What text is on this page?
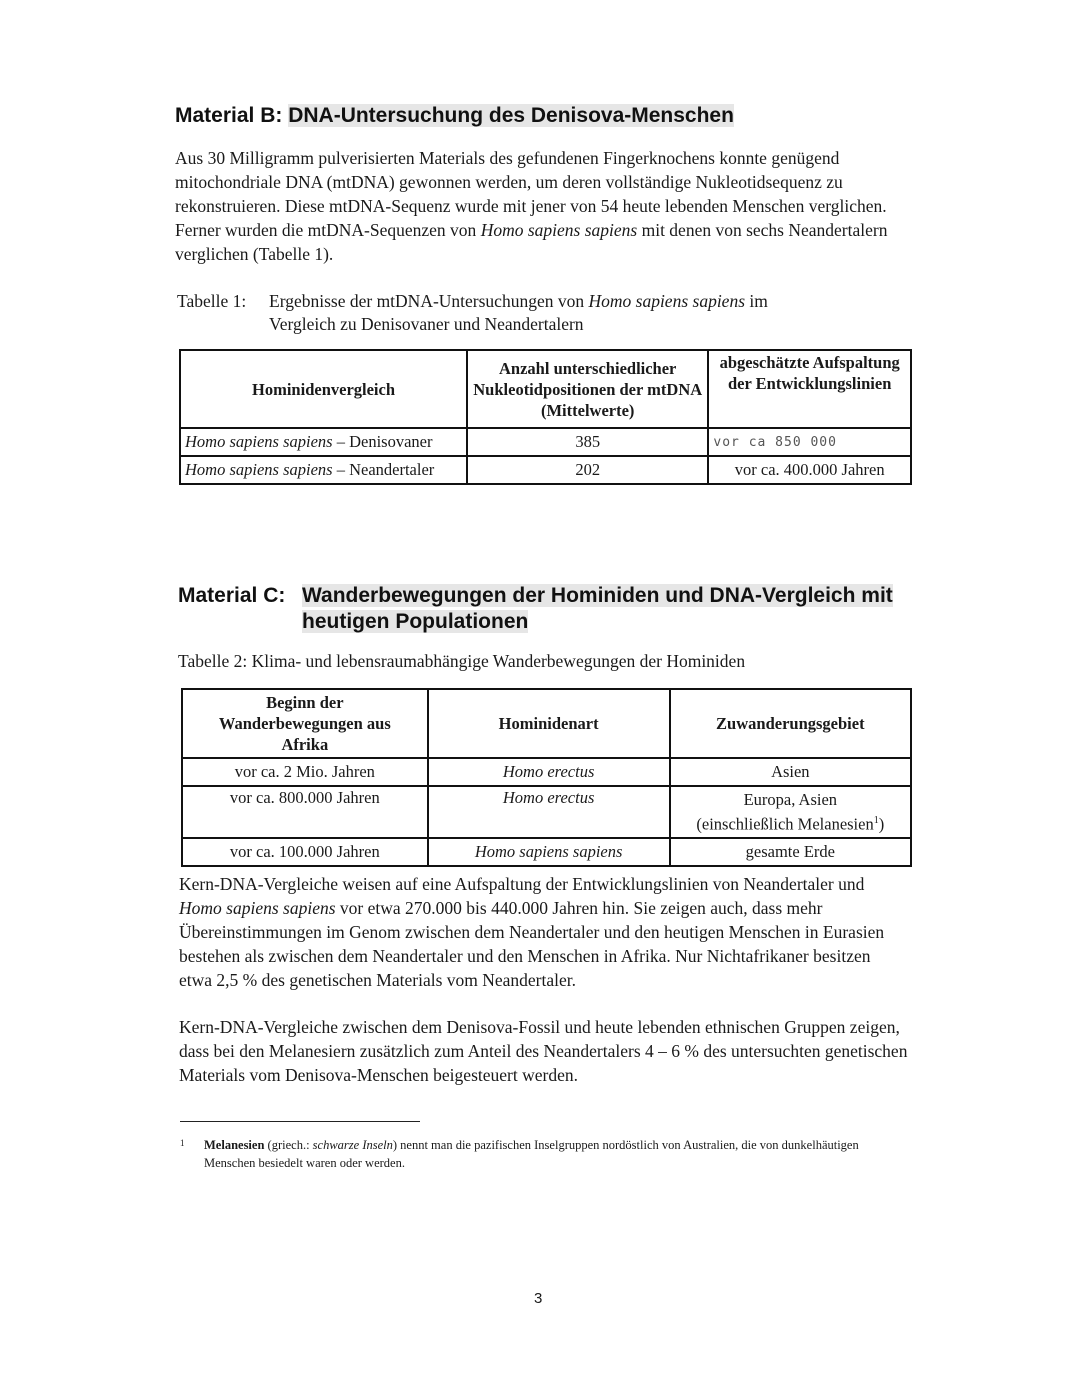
Material B: DNA-Untersuchung des Denisova-Menschen
Aus 30 Milligramm pulverisierten Materials des gefundenen Fingerknochens konnte genügend mitochondriale DNA (mtDNA) gewonnen werden, um deren vollständige Nukleotidsequenz zu rekonstruieren. Diese mtDNA-Sequenz wurde mit jener von 54 heute lebenden Menschen verglichen. Ferner wurden die mtDNA-Sequenzen von Homo sapiens sapiens mit denen von sechs Neandertalern verglichen (Tabelle 1).
Tabelle 1: Ergebnisse der mtDNA-Untersuchungen von Homo sapiens sapiens im
Vergleich zu Denisovaner und Neandertalern
Hominidenvergleich	Anzahl unterschiedlicher Nukleotidpositionen der mtDNA (Mittelwerte)	abgeschätzte Aufspaltung der Entwicklungslinien
Homo sapiens sapiens – Denisovaner	385	vor ca 850 000
Homo sapiens sapiens – Neandertaler	202	vor ca. 400.000 Jahren
Material C: Wanderbewegungen der Hominiden und DNA-Vergleich mit
heutigen Populationen
Tabelle 2: Klima- und lebensraumabhängige Wanderbewegungen der Hominiden
Beginn der Wanderbewegungen aus Afrika	Hominidenart	Zuwanderungsgebiet
vor ca. 2 Mio. Jahren	Homo erectus	Asien
vor ca. 800.000 Jahren	Homo erectus	Europa, Asien
(einschließlich Melanesien$^1$)

vor ca. 100.000 Jahren	Homo sapiens sapiens	gesamte Erde
Kern-DNA-Vergleiche weisen auf eine Aufspaltung der Entwicklungslinien von Neandertaler und Homo sapiens sapiens vor etwa 270.000 bis 440.000 Jahren hin. Sie zeigen auch, dass mehr Übereinstimmungen im Genom zwischen dem Neandertaler und den heutigen Menschen in Eurasien bestehen als zwischen dem Neandertaler und den Menschen in Afrika. Nur Nichtafrikaner besitzen etwa 2,5 % des genetischen Materials vom Neandertaler.
Kern-DNA-Vergleiche zwischen dem Denisova-Fossil und heute lebenden ethnischen Gruppen zeigen, dass bei den Melanesiern zusätzlich zum Anteil des Neandertalers 4 – 6 % des untersuchten genetischen Materials vom Denisova-Menschen beigesteuert werden.
1	Melanesien (griech.: schwarze Inseln) nennt man die pazifischen Inselgruppen nordöstlich von Australien, die von dunkelhäutigen Menschen besiedelt waren oder werden.
3
